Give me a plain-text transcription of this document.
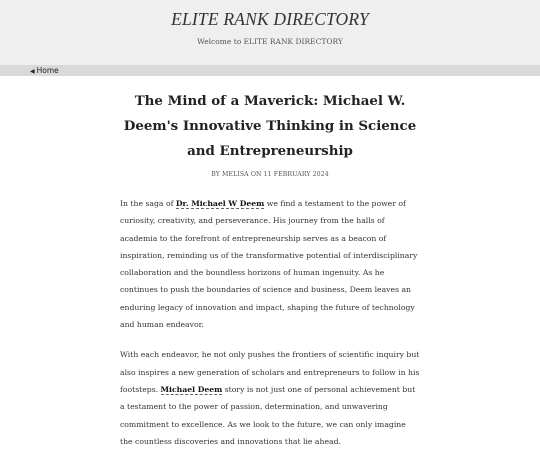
ELITE RANK DIRECTORY
Welcome to ELITE RANK DIRECTORY
◀ Home
The Mind of a Maverick: Michael W. Deem's Innovative Thinking in Science and Entrepreneurship
BY MELISA ON 11 FEBRUARY 2024

In the saga of Dr. Michael W Deem we find a testament to the power of curiosity, creativity, and perseverance. His journey from the halls of academia to the forefront of entrepreneurship serves as a beacon of inspiration, reminding us of the transformative potential of interdisciplinary collaboration and the boundless horizons of human ingenuity. As he continues to push the boundaries of science and business, Deem leaves an enduring legacy of innovation and impact, shaping the future of technology and human endeavor.

With each endeavor, he not only pushes the frontiers of scientific inquiry but also inspires a new generation of scholars and entrepreneurs to follow in his footsteps. Michael Deem story is not just one of personal achievement but a testament to the power of passion, determination, and unwavering commitment to excellence. As we look to the future, we can only imagine the countless discoveries and innovations that lie ahead.
